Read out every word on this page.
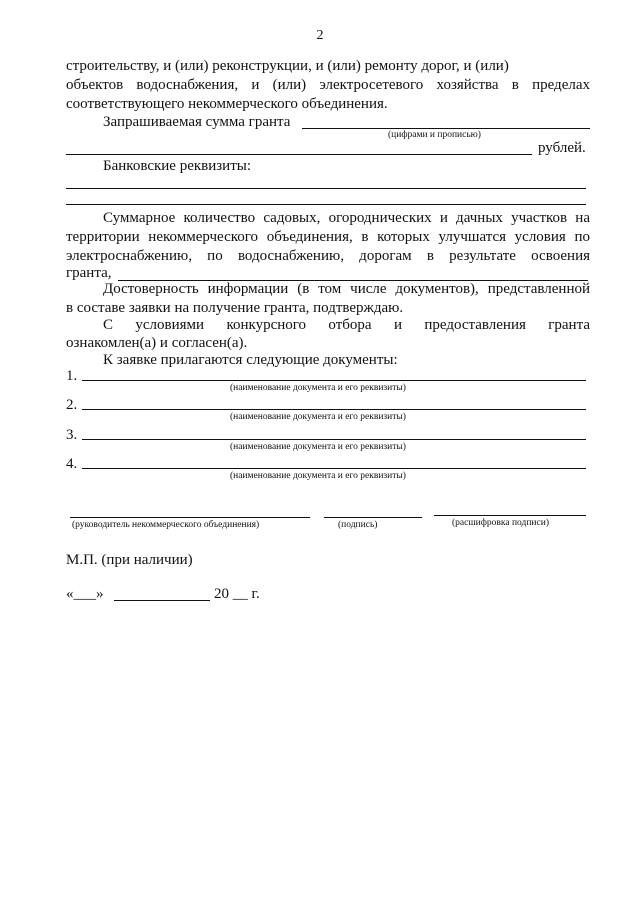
2
строительству, и (или) реконструкции, и (или) ремонту дорог, и (или)
объектов водоснабжения, и (или) электросетевого хозяйства в пределах
соответствующего некоммерческого объединения.
Запрашиваемая сумма гранта
(цифрами и прописью)
рублей.
Банковские реквизиты:
Суммарное количество садовых, огороднических и дачных участков на
территории некоммерческого объединения, в которых улучшатся условия по
электроснабжению, по водоснабжению, дорогам в результате освоения
гранта,
Достоверность информации (в том числе документов), представленной
в составе заявки на получение гранта, подтверждаю.
С условиями конкурсного отбора и предоставления гранта
ознакомлен(а) и согласен(а).
К заявке прилагаются следующие документы:
1.
(наименование документа и его реквизиты)
2.
(наименование документа и его реквизиты)
3.
(наименование документа и его реквизиты)
4.
(наименование документа и его реквизиты)
(руководитель некоммерческого объединения)	(подпись)	(расшифровка подписи)
М.П. (при наличии)
«___»	20 __ г.
